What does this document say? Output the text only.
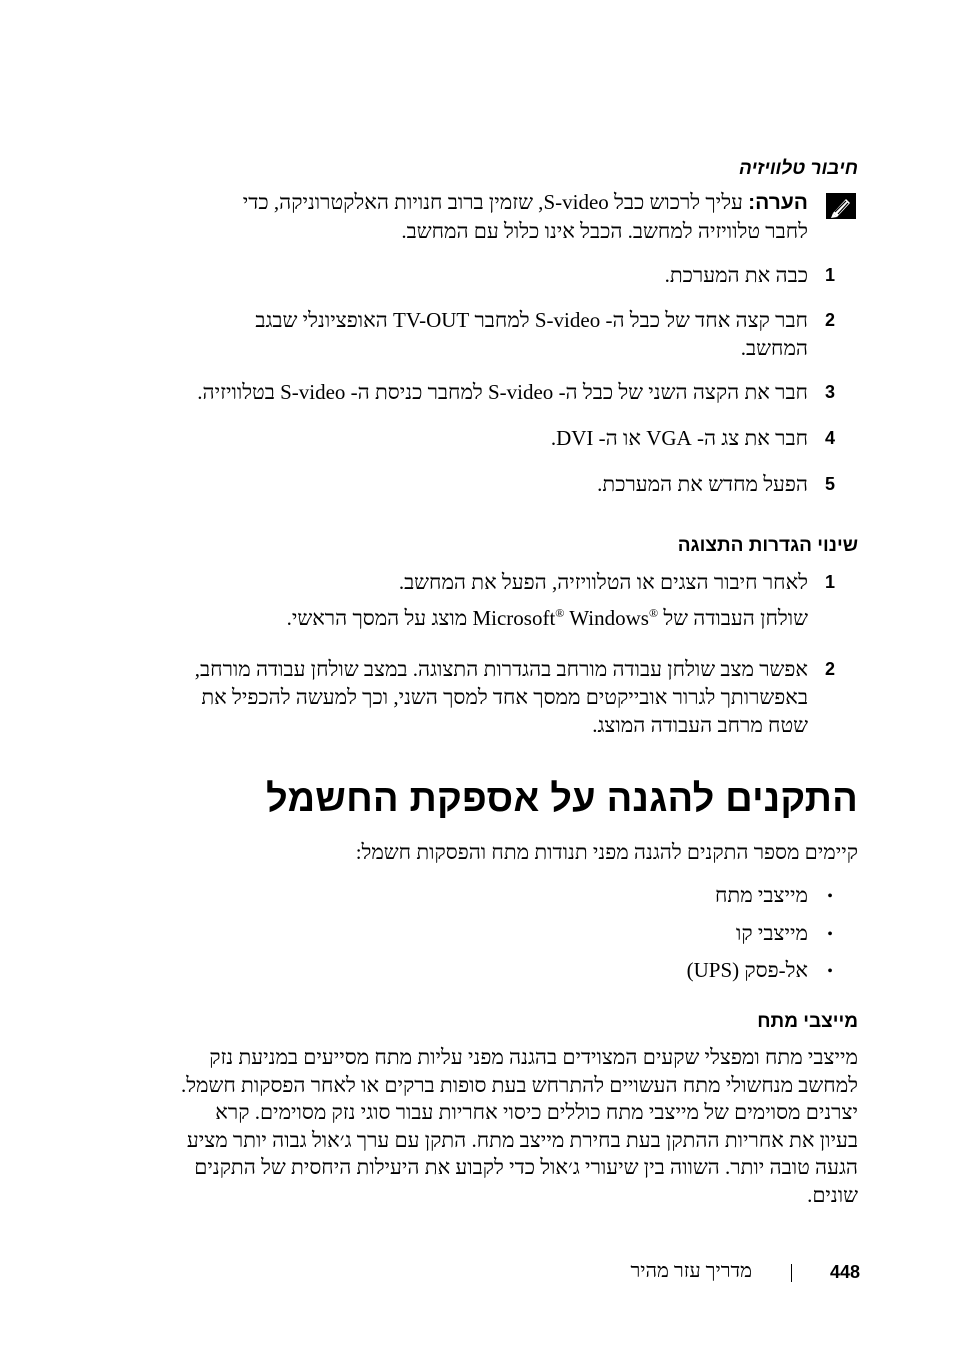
חיבור טלוויזיה
הערה: עליך לרכוש כבל S-video, שזמין ברוב חנויות האלקטרוניקה, כדי
לחבר טלוויזיה למחשב. הכבל אינו כלול עם המחשב.
1
כבה את המערכת.
2
חבר קצה אחד של כבל ה- S-video למחבר TV-OUT האופציונלי שבגב
המחשב.
3
חבר את הקצה השני של כבל ה- S-video למחבר כניסת ה- S-video בטלוויזיה.
4
חבר את צג ה- VGA או ה- DVI.
5
הפעל מחדש את המערכת.
שינוי הגדרות התצוגה
1
לאחר חיבור הצגים או הטלוויזיה, הפעל את המחשב.
שולחן העבודה של Microsoft® Windows® מוצג על המסך הראשי.
2
אפשר מצב שולחן עבודה מורחב בהגדרות התצוגה. במצב שולחן עבודה מורחב,
באפשרותך לגרור אובייקטים ממסך אחד למסך השני, וכך למעשה להכפיל את
שטח מרחב העבודה המוצג.
התקנים להגנה על אספקת החשמל
קיימים מספר התקנים להגנה מפני תנודות מתח והפסקות חשמל:
•
מייצבי מתח
•
מייצבי קו
•
אל-פסק (UPS)
מייצבי מתח
מייצבי מתח ומפצלי שקעים המצוידים בהגנה מפני עליות מתח מסייעים במניעת נזק
למחשב מנחשולי מתח העשויים להתרחש בעת סופות ברקים או לאחר הפסקות חשמל.
יצרנים מסוימים של מייצבי מתח כוללים כיסוי אחריות עבור סוגי נזק מסוימים. קרא
בעיון את אחריות ההתקן בעת בחירת מייצב מתח. התקן עם ערך ג׳אול גבוה יותר מציע
הגעה טובה יותר. השווה בין שיעורי ג׳אול כדי לקבוע את היעילות היחסית של התקנים
שונים.
448
מדריך עזר מהיר
